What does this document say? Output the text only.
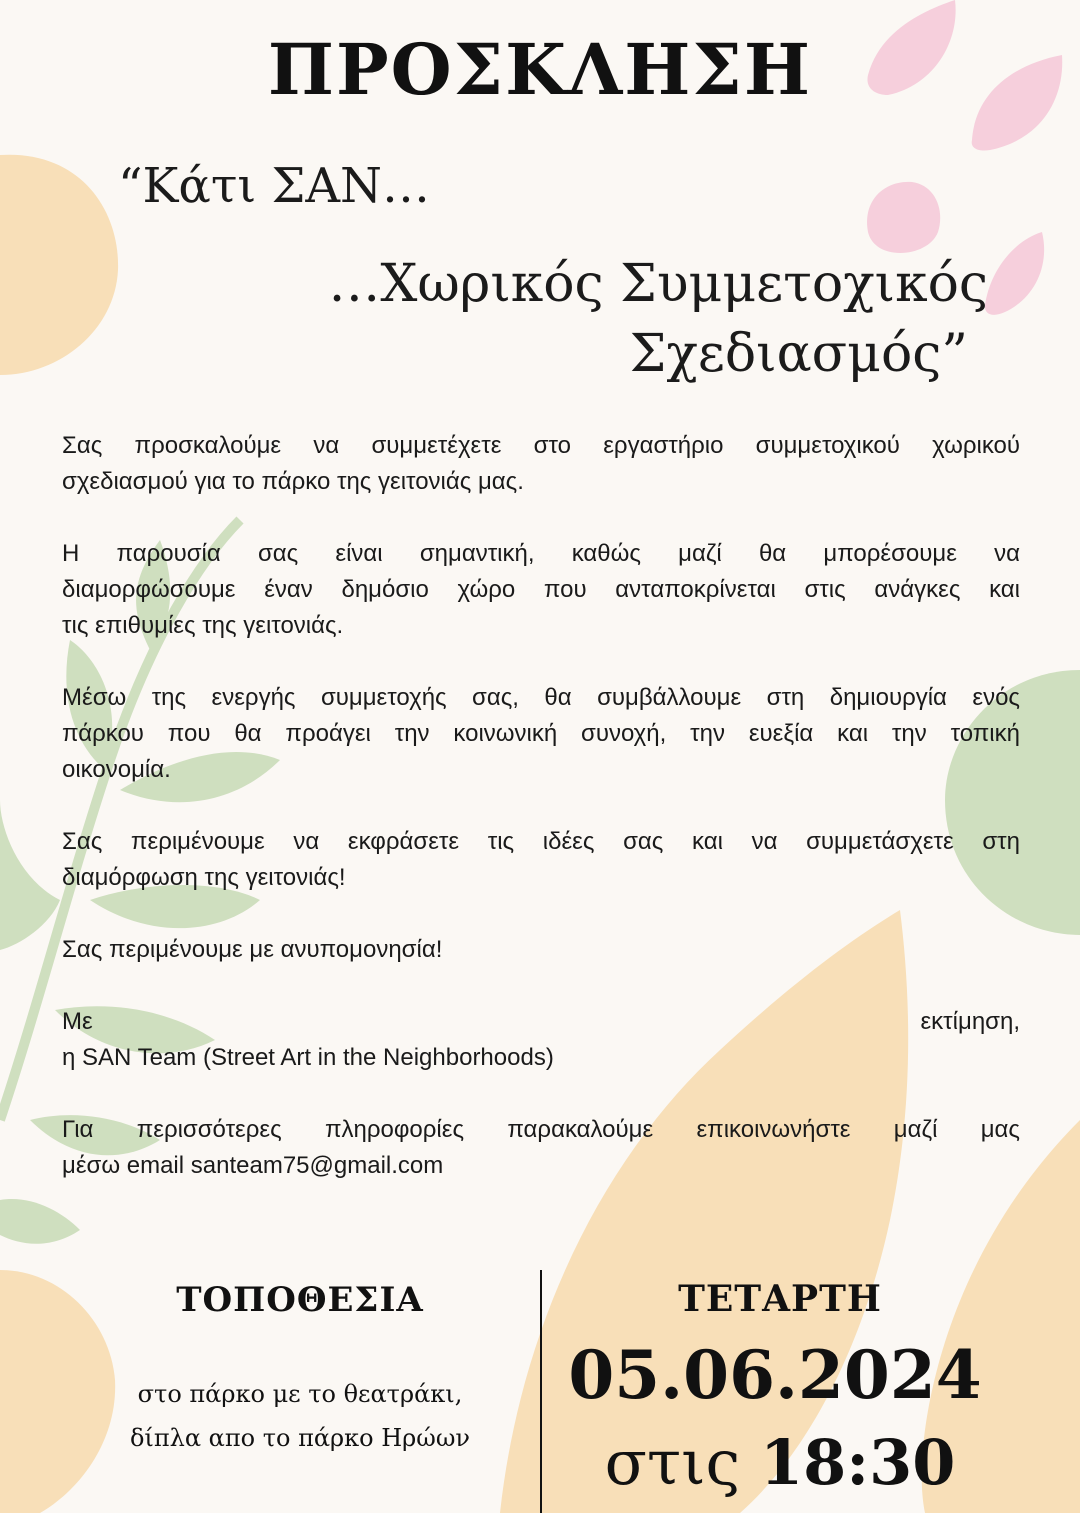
ΠΡΟΣΚΛΗΣΗ
“Κάτι ΣΑΝ…
…Χωρικός Συμμετοχικός
Σχεδιασμός”

Σας προσκαλούμε να συμμετέχετε στο εργαστήριο συμμετοχικού χωρικού
σχεδιασμού για το πάρκο της γειτονιάς μας.

Η παρουσία σας είναι σημαντική, καθώς μαζί θα μπορέσουμε να
διαμορφώσουμε έναν δημόσιο χώρο που ανταποκρίνεται στις ανάγκες και
τις επιθυμίες της γειτονιάς.

Μέσω της ενεργής συμμετοχής σας, θα συμβάλλουμε στη δημιουργία ενός
πάρκου που θα προάγει την κοινωνική συνοχή, την ευεξία και την τοπική
οικονομία.

Σας περιμένουμε να εκφράσετε τις ιδέες σας και να συμμετάσχετε στη
διαμόρφωση της γειτονιάς!

Σας περιμένουμε με ανυπομονησία!

Με εκτίμηση,
η SAN Team (Street Art in the Neighborhoods)

Για περισσότερες πληροφορίες παρακαλούμε επικοινωνήστε μαζί μας
μέσω email santeam75@gmail.com

ΤΟΠΟΘΕΣΙΑ
στο πάρκο με το θεατράκι,
δίπλα απο το πάρκο Ηρώων
ΤΕΤΑΡΤΗ
05.06.2024
στις 18:30
